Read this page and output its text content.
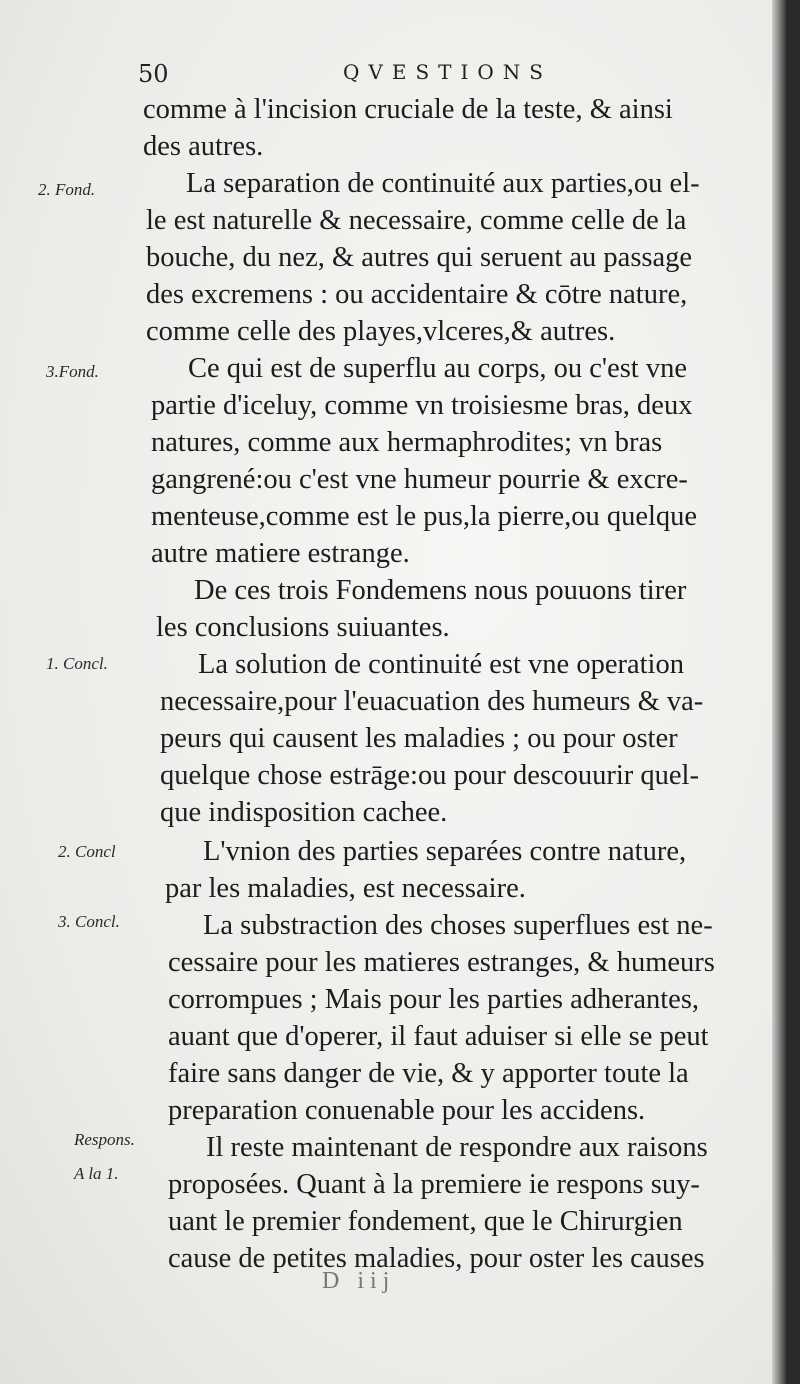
50	QVESTIONS
2. Fond.
3.Fond.
1. Concl.
2. Concl
3. Concl.
Respons.
A la 1.
comme à l'incision cruciale de la teste, & ainsi
des autres.
La separation de continuité aux parties,ou el-
le est naturelle & necessaire, comme celle de la
bouche, du nez, & autres qui seruent au passage
des excremens : ou accidentaire & cōtre nature,
comme celle des playes,vlceres,& autres.
Ce qui est de superflu au corps, ou c'est vne
partie d'iceluy, comme vn troisiesme bras, deux
natures, comme aux hermaphrodites; vn bras
gangrené:ou c'est vne humeur pourrie & excre-
menteuse,comme est le pus,la pierre,ou quelque
autre matiere estrange.
De ces trois Fondemens nous pouuons tirer
les conclusions suiuantes.
La solution de continuité est vne operation
necessaire,pour l'euacuation des humeurs & va-
peurs qui causent les maladies ; ou pour oster
quelque chose estrāge:ou pour descouurir quel-
que indisposition cachee.
L'vnion des parties separées contre nature,
par les maladies, est necessaire.
La substraction des choses superflues est ne-
cessaire pour les matieres estranges, & humeurs
corrompues ; Mais pour les parties adherantes,
auant que d'operer, il faut aduiser si elle se peut
faire sans danger de vie, & y apporter toute la
preparation conuenable pour les accidens.
Il reste maintenant de respondre aux raisons
proposées. Quant à la premiere ie respons suy-
uant le premier fondement, que le Chirurgien
cause de petites maladies, pour oster les causes
D iij
